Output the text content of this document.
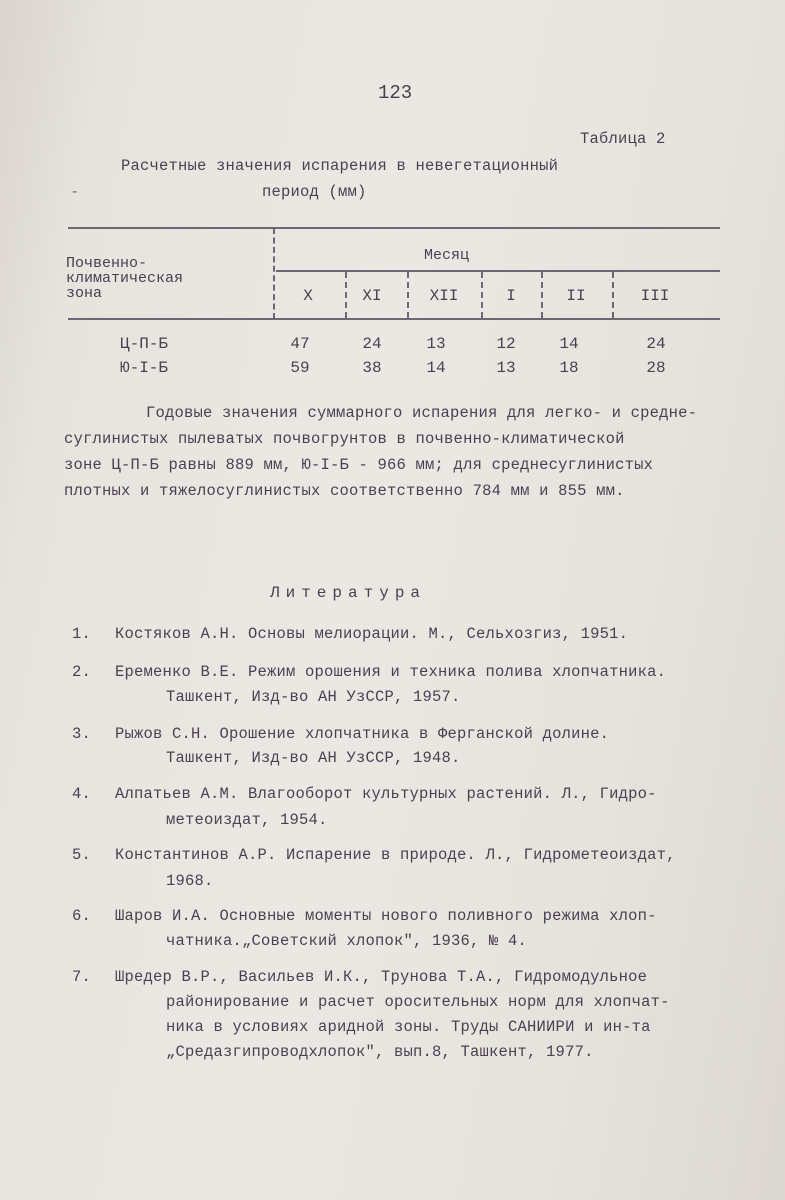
123
Таблица 2
Расчетные значения испарения в невегетационный
-	период (мм)
Почвенно-
климатическая
зона
Месяц
X	XI	XII	I	II	III
Ц-П-Б	47	24	13	12	14	24
Ю-I-Б	59	38	14	13	18	28
Годовые значения суммарного испарения для легко- и средне-
суглинистых пылеватых почвогрунтов в почвенно-климатической
зоне Ц-П-Б равны 889 мм, Ю-I-Б - 966 мм; для среднесуглинистых
плотных и тяжелосуглинистых соответственно 784 мм и 855 мм.
Литература
1. Костяков А.Н. Основы мелиорации. М., Сельхозгиз, 1951.
2. Еременко В.Е. Режим орошения и техника полива хлопчатника.
Ташкент, Изд-во АН УзССР, 1957.
3. Рыжов С.Н. Орошение хлопчатника в Ферганской долине.
Ташкент, Изд-во АН УзССР, 1948.
4. Алпатьев А.М. Влагооборот культурных растений. Л., Гидро-
метеоиздат, 1954.
5. Константинов А.Р. Испарение в природе. Л., Гидрометеоиздат,
1968.
6. Шаров И.А. Основные моменты нового поливного режима хлоп-
чатника.„Советский хлопок", 1936, № 4.
7. Шредер В.Р., Васильев И.К., Трунова Т.А., Гидромодульное
районирование и расчет оросительных норм для хлопчат-
ника в условиях аридной зоны. Труды САНИИРИ и ин-та
„Средазгипроводхлопок", вып.8, Ташкент, 1977.
